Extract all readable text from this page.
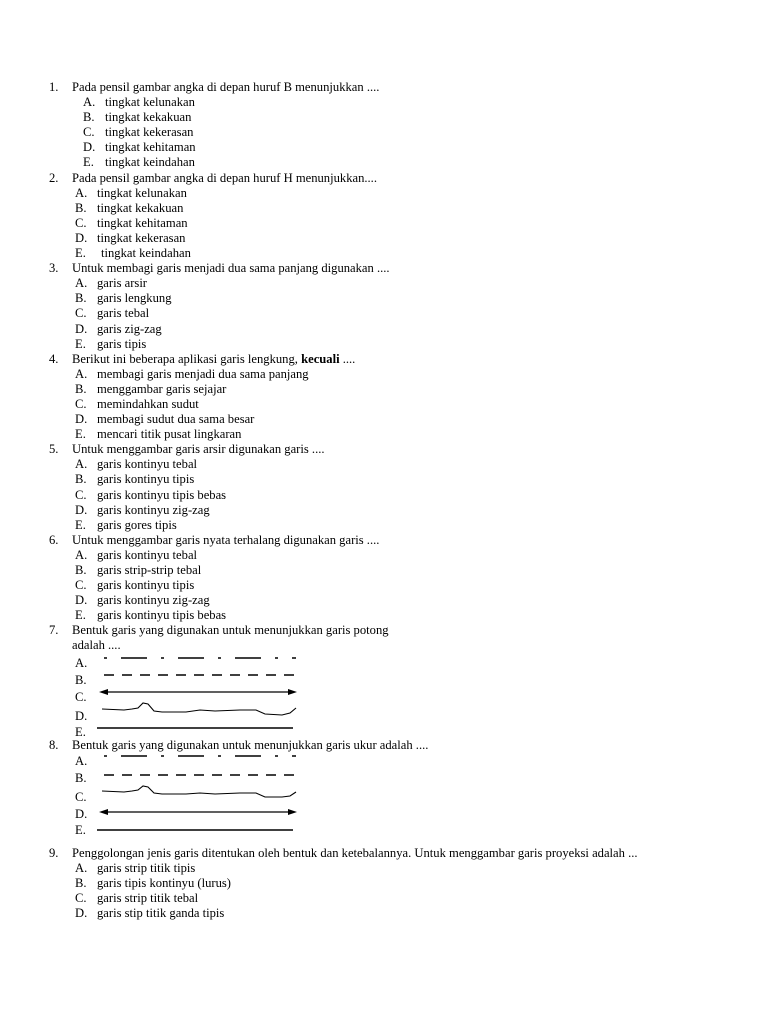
1. Pada pensil gambar angka di depan huruf B menunjukkan ....
A. tingkat kelunakan
B. tingkat kekakuan
C. tingkat kekerasan
D. tingkat kehitaman
E. tingkat keindahan
2. Pada pensil gambar angka di depan huruf H menunjukkan....
A. tingkat kelunakan
B. tingkat kekakuan
C. tingkat kehitaman
D. tingkat kekerasan
E. tingkat keindahan
3. Untuk membagi garis menjadi dua sama panjang digunakan ....
A. garis arsir
B. garis lengkung
C. garis tebal
D. garis zig-zag
E. garis tipis
4. Berikut ini beberapa aplikasi garis lengkung, kecuali ....
A. membagi garis menjadi dua sama panjang
B. menggambar garis sejajar
C. memindahkan sudut
D. membagi sudut dua sama besar
E. mencari titik pusat lingkaran
5. Untuk menggambar garis arsir digunakan garis ....
A. garis kontinyu tebal
B. garis kontinyu tipis
C. garis kontinyu tipis bebas
D. garis kontinyu zig-zag
E. garis gores tipis
6. Untuk menggambar garis nyata terhalang digunakan garis ....
A. garis kontinyu tebal
B. garis strip-strip tebal
C. garis kontinyu tipis
D. garis kontinyu zig-zag
E. garis kontinyu tipis bebas
7. Bentuk garis yang digunakan untuk menunjukkan garis potong
adalah ....
A.
B.
C.
D.
E.
8. Bentuk garis yang digunakan untuk menunjukkan garis ukur adalah ....
A.
B.
C.
D.
E.
9. Penggolongan jenis garis ditentukan oleh bentuk dan ketebalannya. Untuk menggambar garis proyeksi adalah ...
A. garis strip titik tipis
B. garis tipis kontinyu (lurus)
C. garis strip titik tebal
D. garis stip titik ganda tipis
